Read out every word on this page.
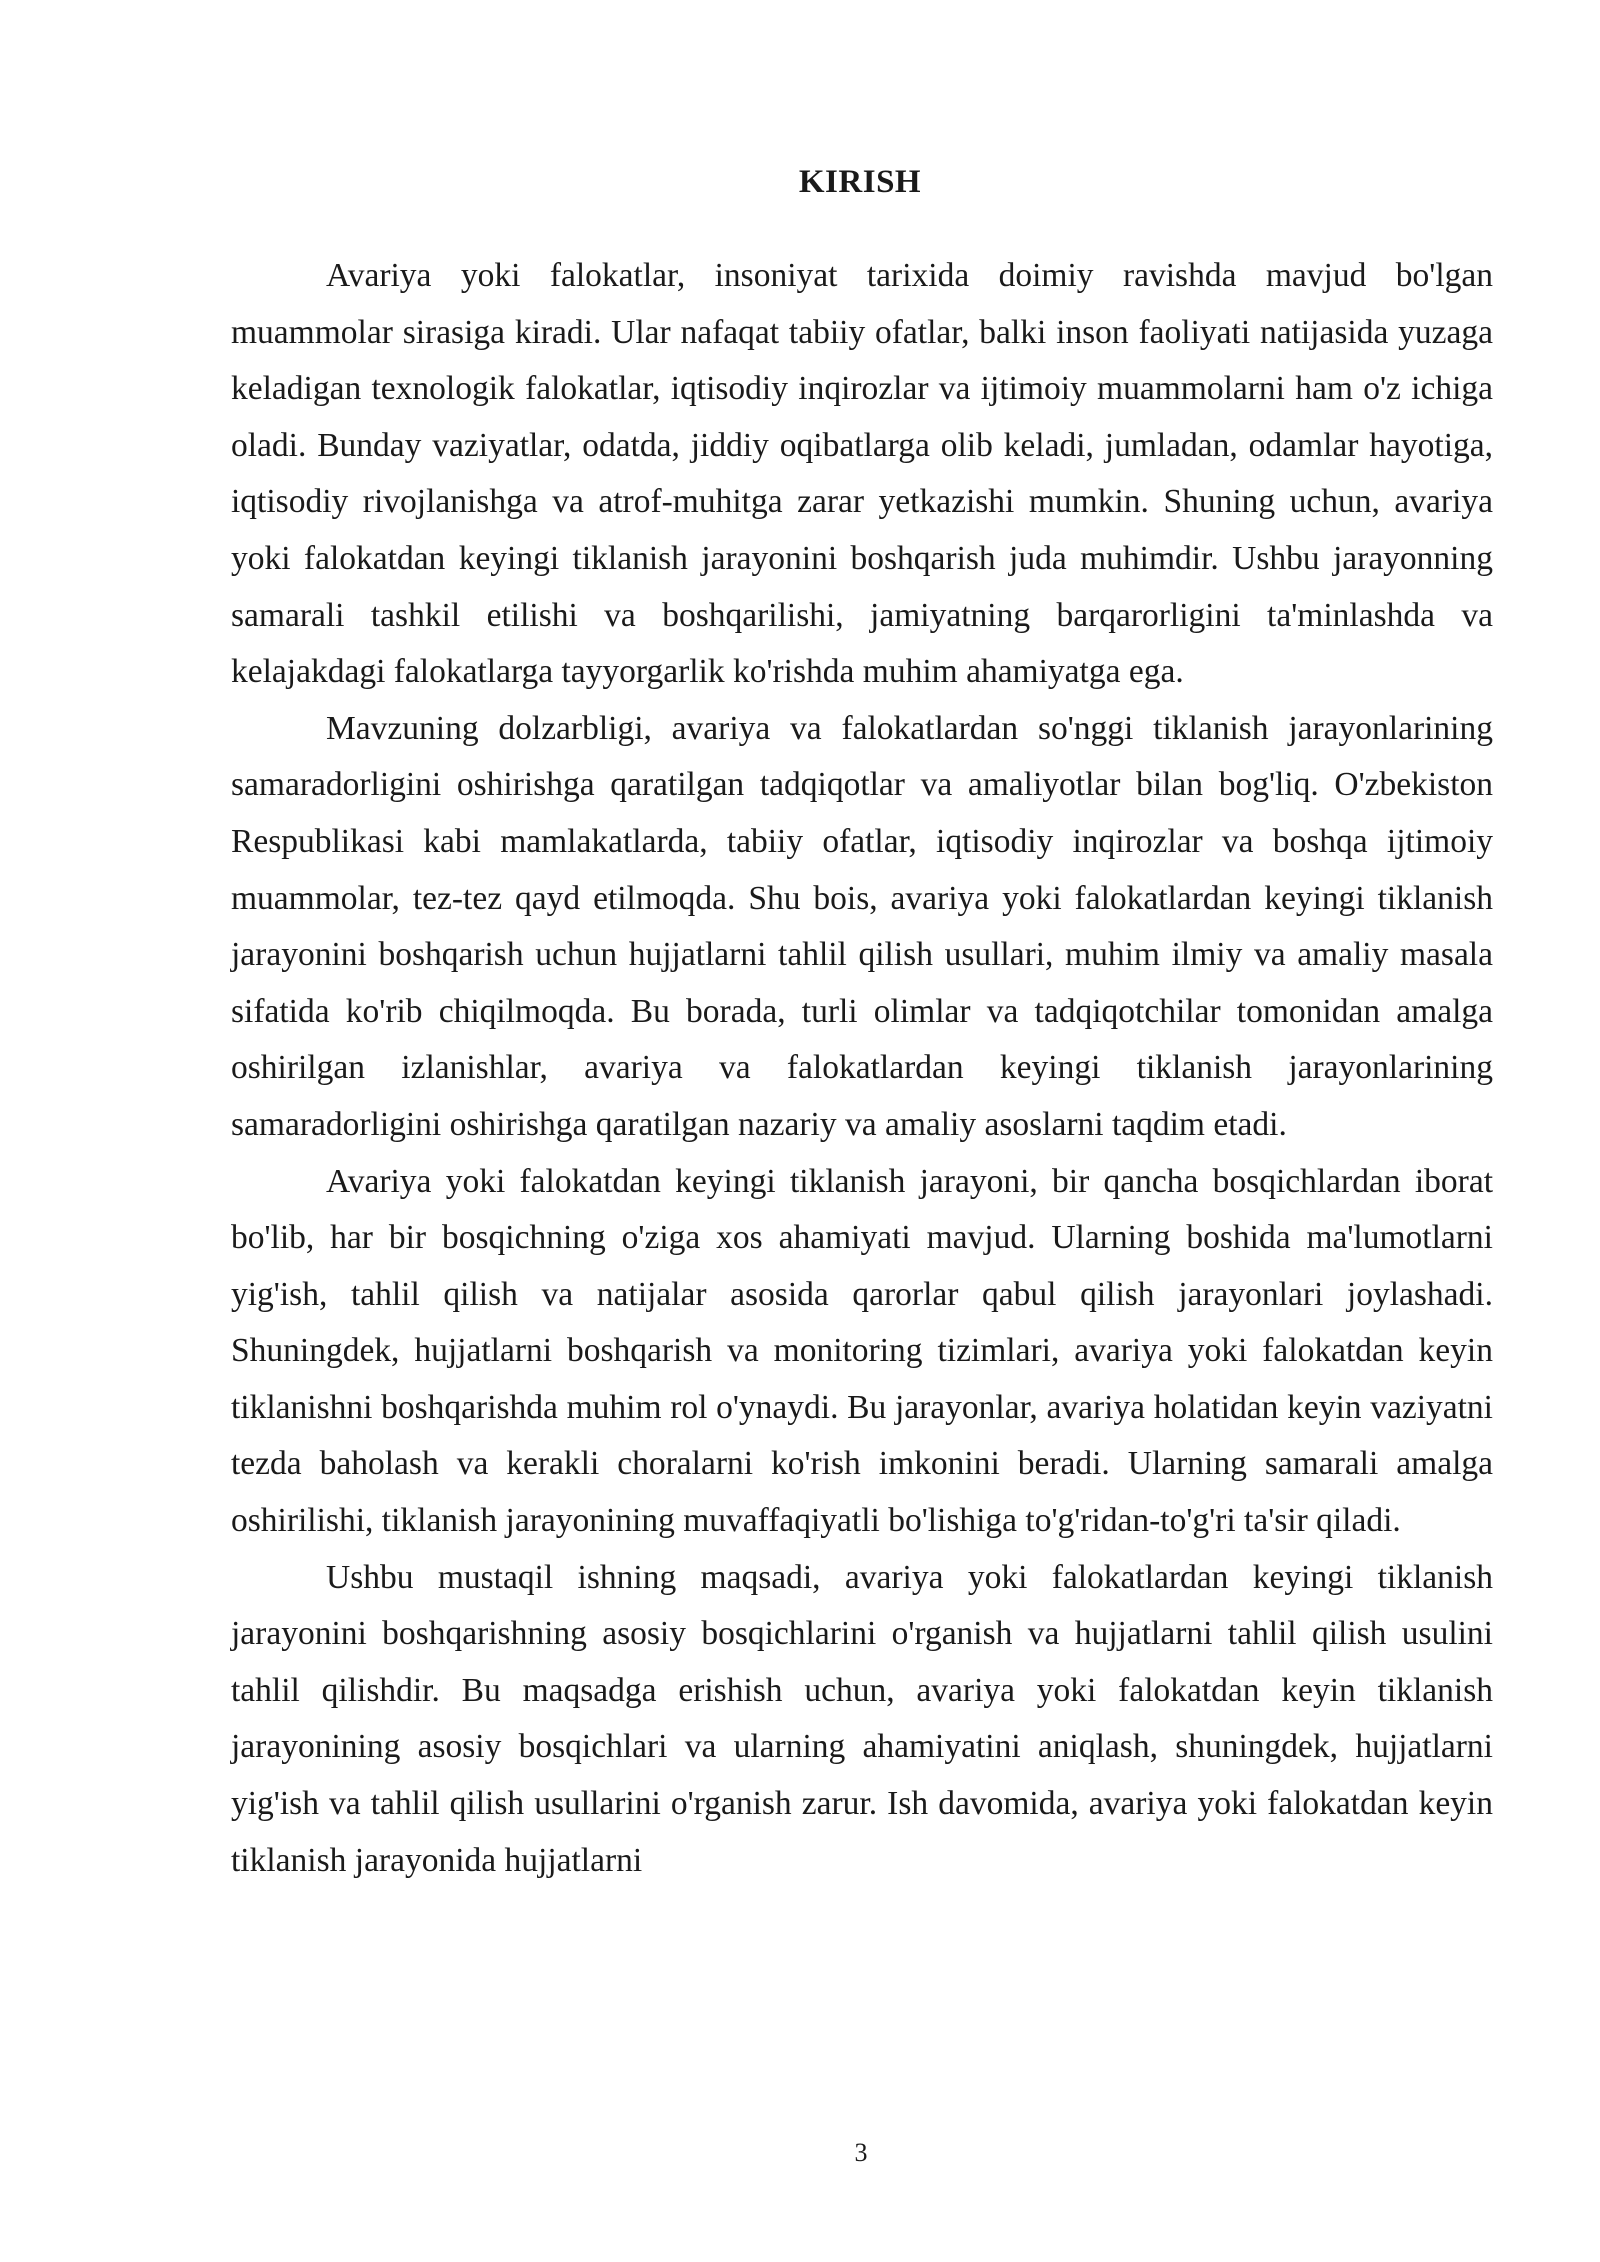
KIRISH

Avariya yoki falokatlar, insoniyat tarixida doimiy ravishda mavjud bo'lgan muammolar sirasiga kiradi. Ular nafaqat tabiiy ofatlar, balki inson faoliyati natijasida yuzaga keladigan texnologik falokatlar, iqtisodiy inqirozlar va ijtimoiy muammolarni ham o'z ichiga oladi. Bunday vaziyatlar, odatda, jiddiy oqibatlarga olib keladi, jumladan, odamlar hayotiga, iqtisodiy rivojlanishga va atrof-muhitga zarar yetkazishi mumkin. Shuning uchun, avariya yoki falokatdan keyingi tiklanish jarayonini boshqarish juda muhimdir. Ushbu jarayonning samarali tashkil etilishi va boshqarilishi, jamiyatning barqarorligini ta'minlashda va kelajakdagi falokatlarga tayyorgarlik ko'rishda muhim ahamiyatga ega.

Mavzuning dolzarbligi, avariya va falokatlardan so'nggi tiklanish jarayonlarining samaradorligini oshirishga qaratilgan tadqiqotlar va amaliyotlar bilan bog'liq. O'zbekiston Respublikasi kabi mamlakatlarda, tabiiy ofatlar, iqtisodiy inqirozlar va boshqa ijtimoiy muammolar, tez-tez qayd etilmoqda. Shu bois, avariya yoki falokatlardan keyingi tiklanish jarayonini boshqarish uchun hujjatlarni tahlil qilish usullari, muhim ilmiy va amaliy masala sifatida ko'rib chiqilmoqda. Bu borada, turli olimlar va tadqiqotchilar tomonidan amalga oshirilgan izlanishlar, avariya va falokatlardan keyingi tiklanish jarayonlarining samaradorligini oshirishga qaratilgan nazariy va amaliy asoslarni taqdim etadi.

Avariya yoki falokatdan keyingi tiklanish jarayoni, bir qancha bosqichlardan iborat bo'lib, har bir bosqichning o'ziga xos ahamiyati mavjud. Ularning boshida ma'lumotlarni yig'ish, tahlil qilish va natijalar asosida qarorlar qabul qilish jarayonlari joylashadi. Shuningdek, hujjatlarni boshqarish va monitoring tizimlari, avariya yoki falokatdan keyin tiklanishni boshqarishda muhim rol o'ynaydi. Bu jarayonlar, avariya holatidan keyin vaziyatni tezda baholash va kerakli choralarni ko'rish imkonini beradi. Ularning samarali amalga oshirilishi, tiklanish jarayonining muvaffaqiyatli bo'lishiga to'g'ridan-to'g'ri ta'sir qiladi.

Ushbu mustaqil ishning maqsadi, avariya yoki falokatlardan keyingi tiklanish jarayonini boshqarishning asosiy bosqichlarini o'rganish va hujjatlarni tahlil qilish usulini tahlil qilishdir. Bu maqsadga erishish uchun, avariya yoki falokatdan keyin tiklanish jarayonining asosiy bosqichlari va ularning ahamiyatini aniqlash, shuningdek, hujjatlarni yig'ish va tahlil qilish usullarini o'rganish zarur. Ish davomida, avariya yoki falokatdan keyin tiklanish jarayonida hujjatlarni

3
